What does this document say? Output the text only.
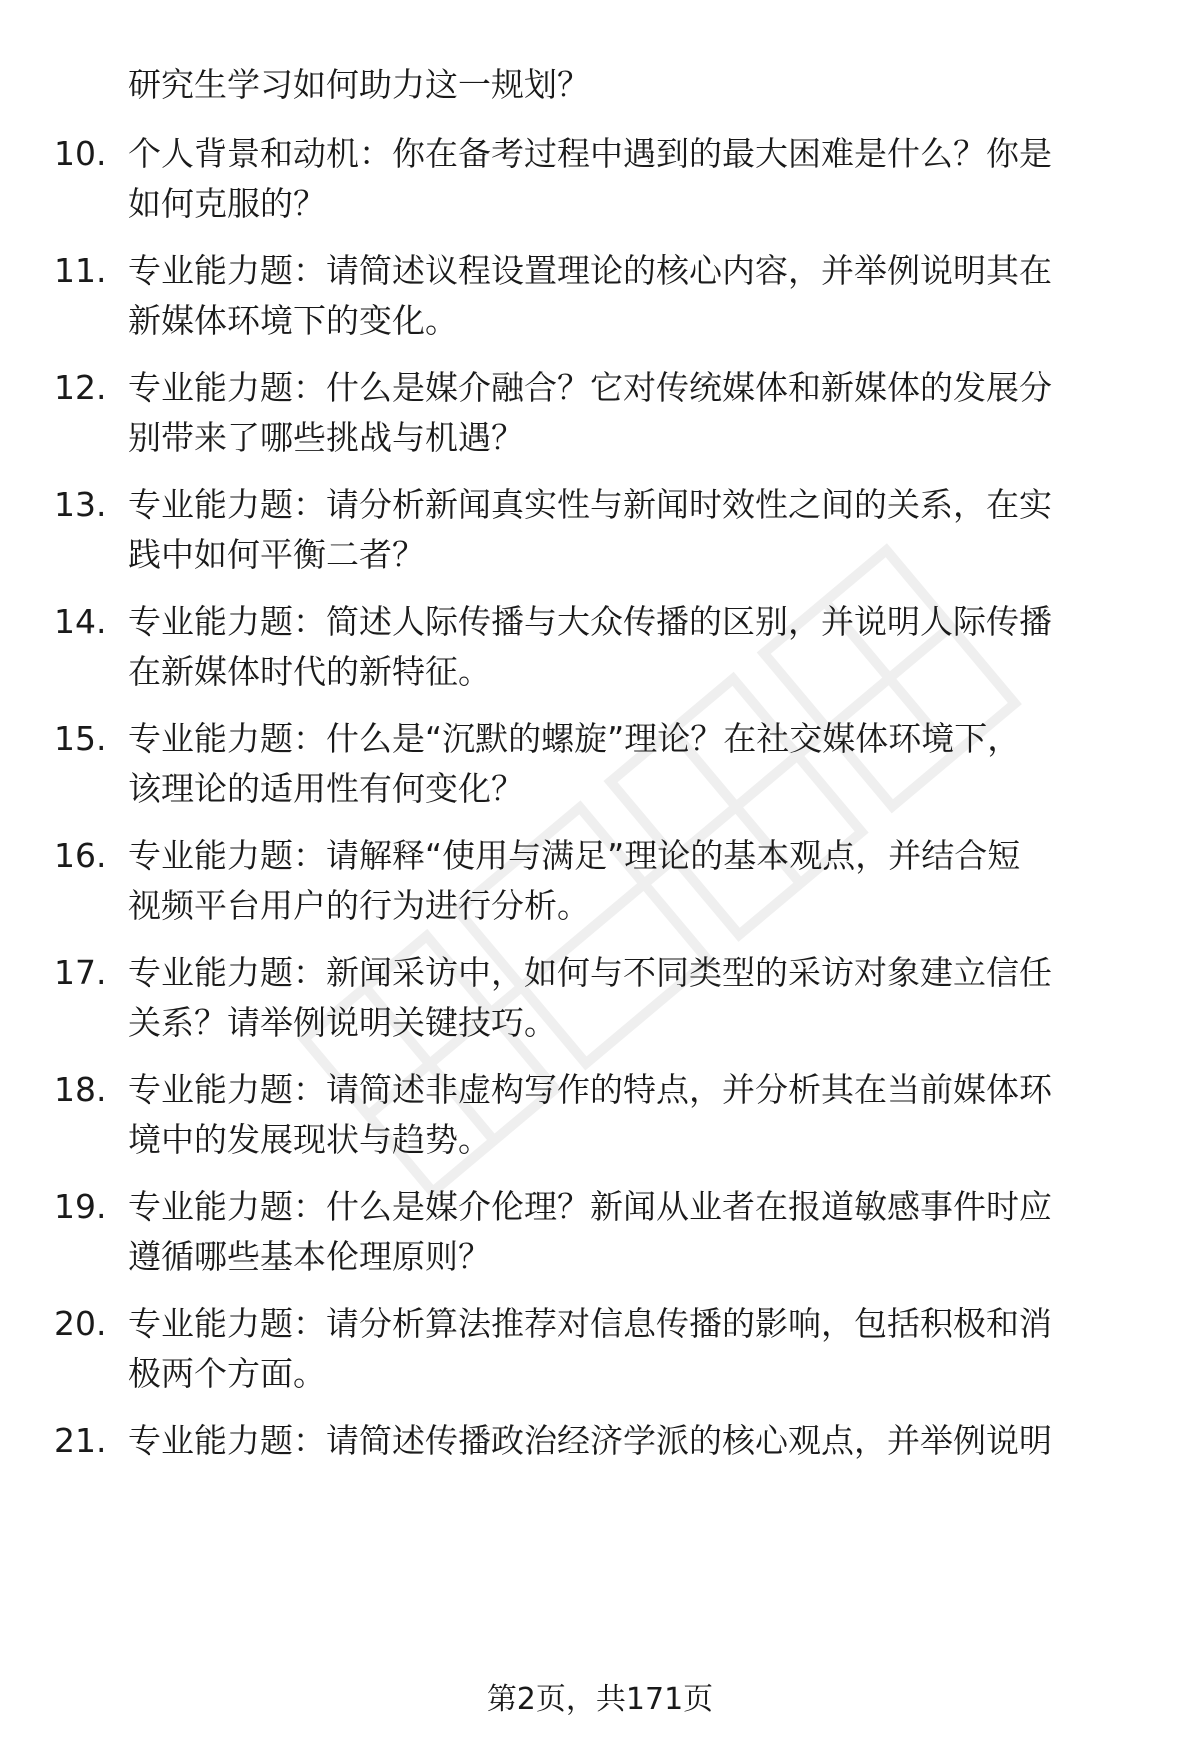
研究生学习如何助力这一规划？
10. 个人背景和动机：你在备考过程中遇到的最大困难是什么？你是
如何克服的？
11. 专业能力题：请简述议程设置理论的核心内容，并举例说明其在
新媒体环境下的变化。
12. 专业能力题：什么是媒介融合？它对传统媒体和新媒体的发展分
别带来了哪些挑战与机遇？
13. 专业能力题：请分析新闻真实性与新闻时效性之间的关系，在实
践中如何平衡二者？
14. 专业能力题：简述人际传播与大众传播的区别，并说明人际传播
在新媒体时代的新特征。
15. 专业能力题：什么是“沉默的螺旋”理论？在社交媒体环境下，
该理论的适用性有何变化？
16. 专业能力题：请解释“使用与满足”理论的基本观点，并结合短
视频平台用户的行为进行分析。
17. 专业能力题：新闻采访中，如何与不同类型的采访对象建立信任
关系？请举例说明关键技巧。
18. 专业能力题：请简述非虚构写作的特点，并分析其在当前媒体环
境中的发展现状与趋势。
19. 专业能力题：什么是媒介伦理？新闻从业者在报道敏感事件时应
遵循哪些基本伦理原则？
20. 专业能力题：请分析算法推荐对信息传播的影响，包括积极和消
极两个方面。
21. 专业能力题：请简述传播政治经济学派的核心观点，并举例说明
第2页，共171页
